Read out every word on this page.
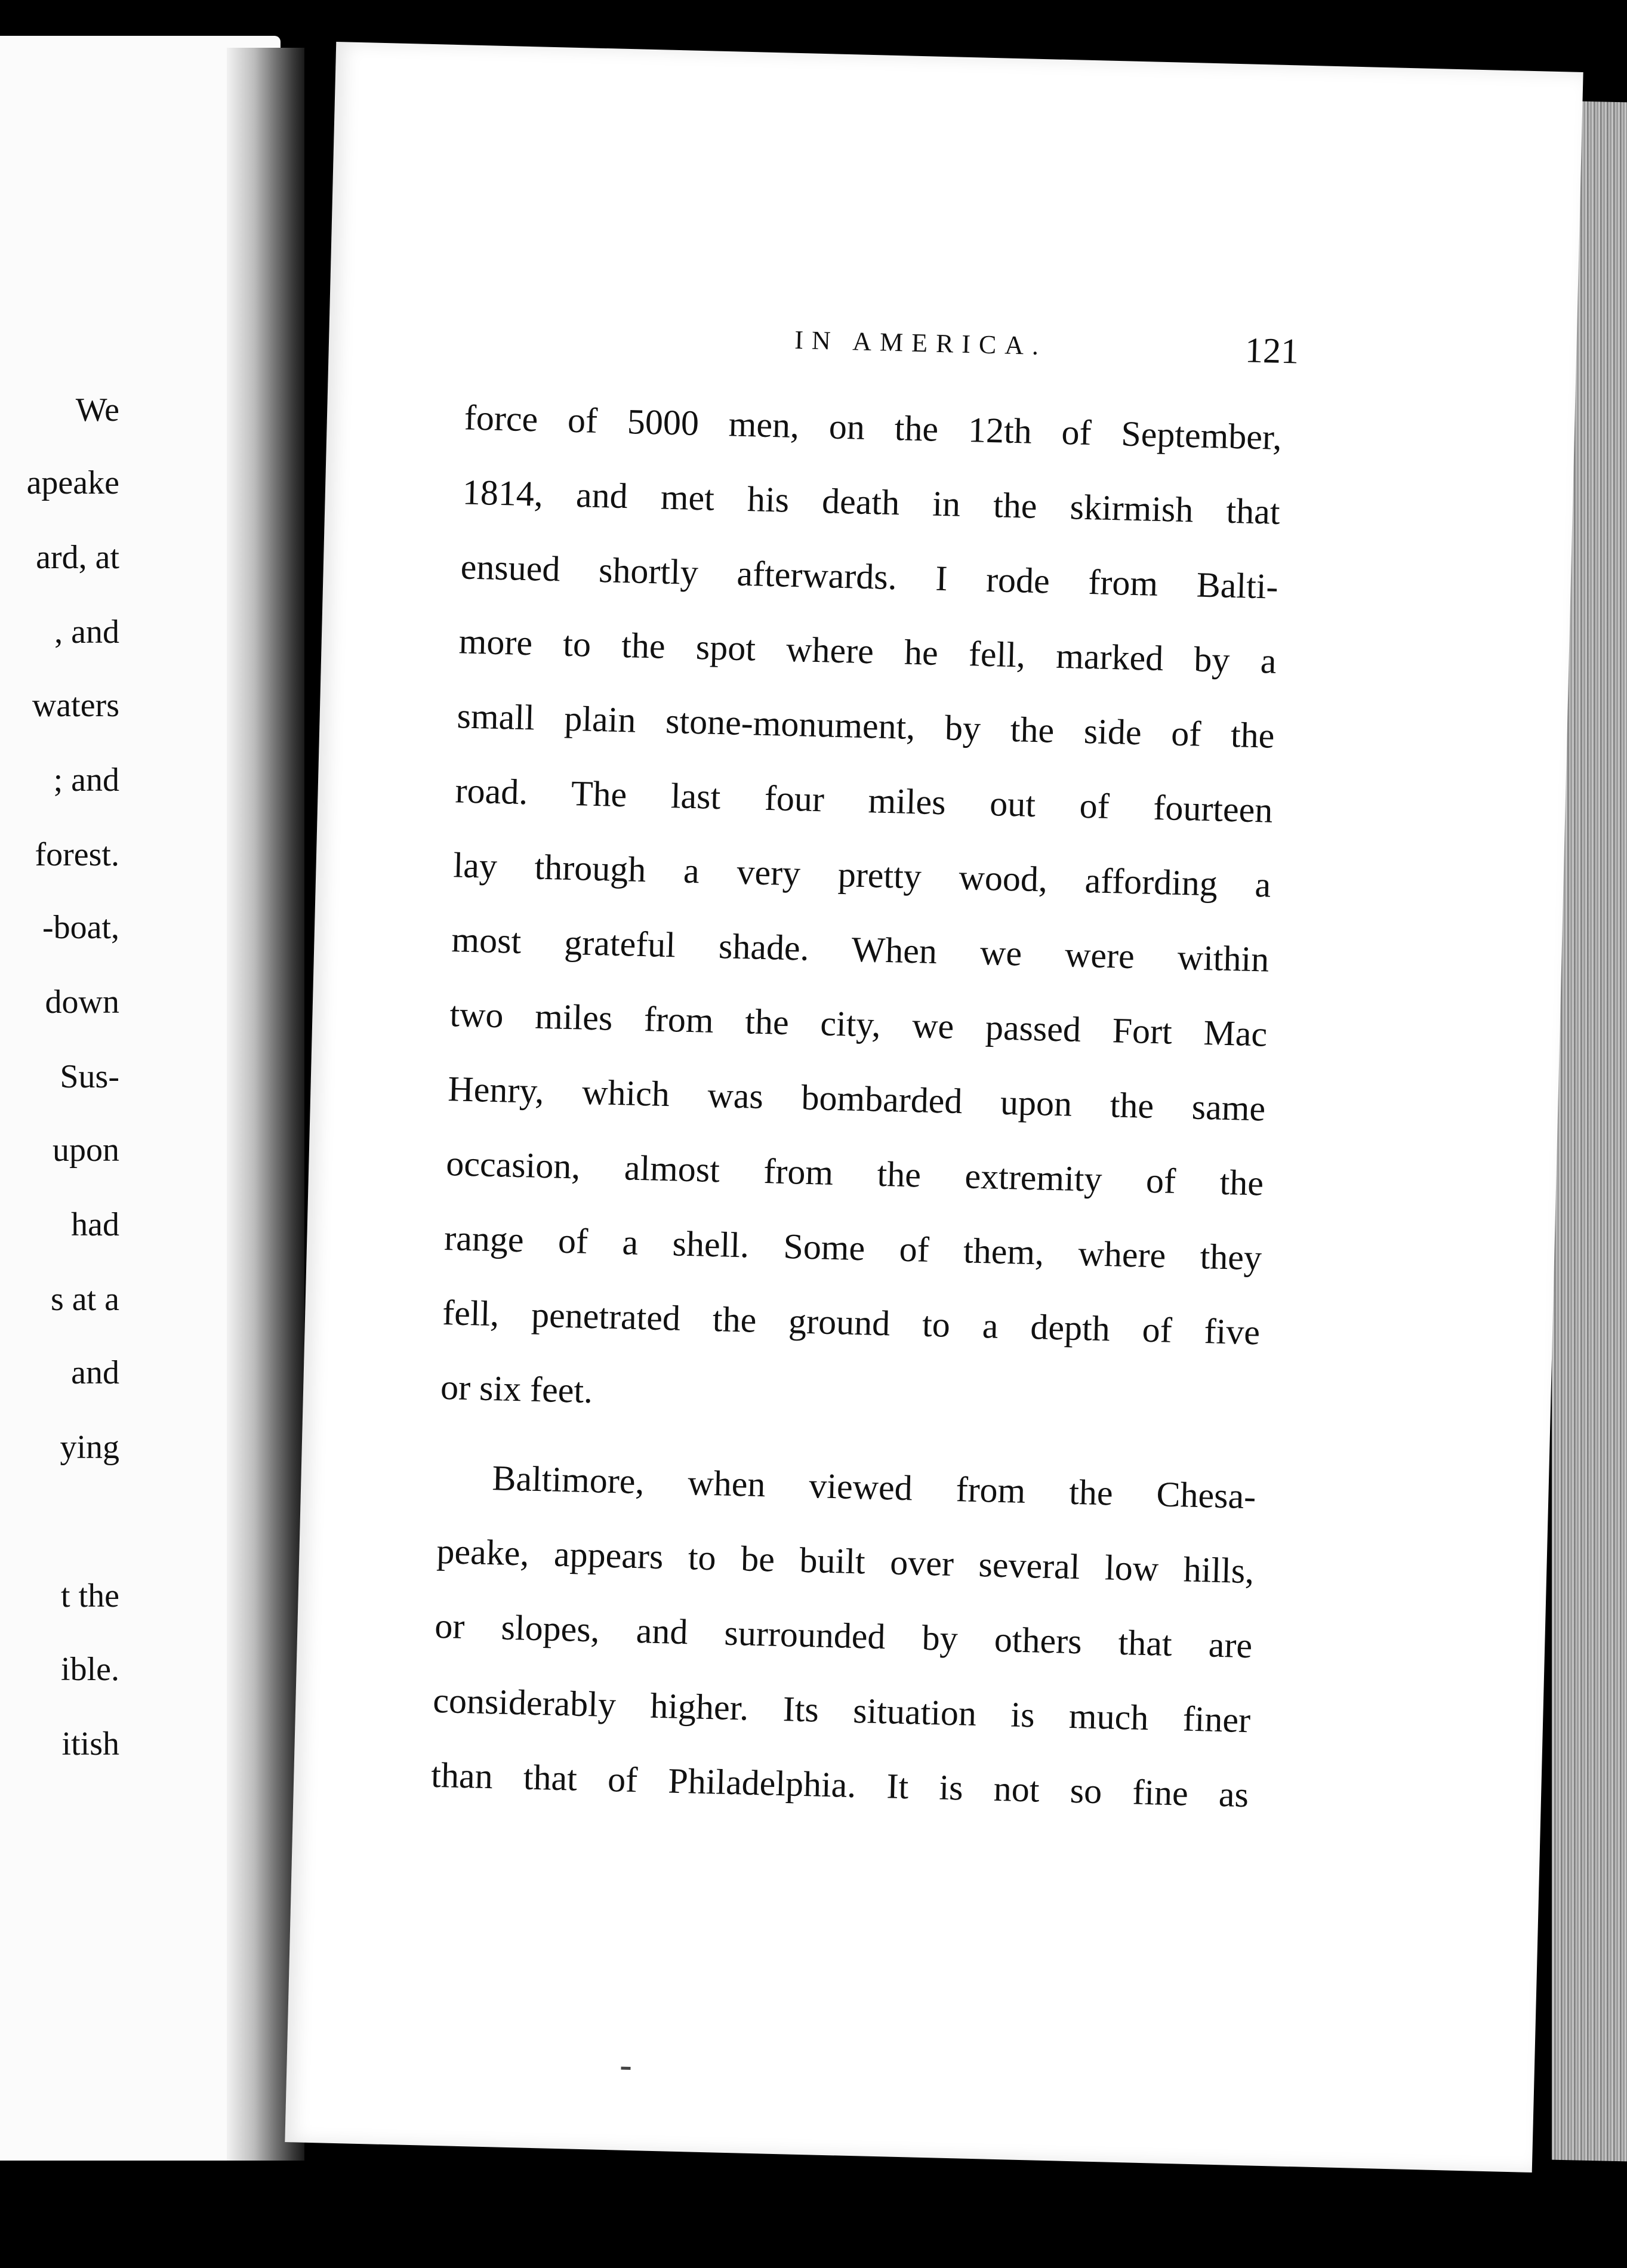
We
apeake
ard, at
, and
waters
; and
forest.
-boat,
down
Sus-
upon
had
s at a
and
ying
t the
ible.
itish
IN AMERICA.	121
force of 5000 men, on the 12th of September,
1814, and met his death in the skirmish that
ensued shortly afterwards. I rode from Balti-
more to the spot where he fell, marked by a
small plain stone-monument, by the side of the
road. The last four miles out of fourteen
lay through a very pretty wood, affording a
most grateful shade. When we were within
two miles from the city, we passed Fort Mac
Henry, which was bombarded upon the same
occasion, almost from the extremity of the
range of a shell. Some of them, where they
fell, penetrated the ground to a depth of five
or six feet.
Baltimore, when viewed from the Chesa-
peake, appears to be built over several low hills,
or slopes, and surrounded by others that are
considerably higher. Its situation is much finer
than that of Philadelphia. It is not so fine as
